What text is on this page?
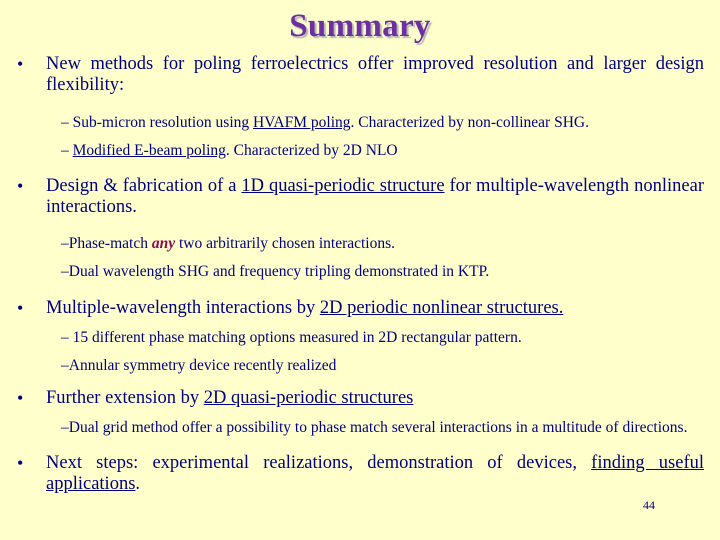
Summary
• New methods for poling ferroelectrics offer improved resolution and larger design flexibility:
– Sub-micron resolution using HVAFM poling. Characterized by non-collinear SHG.
– Modified E-beam poling. Characterized by 2D NLO
• Design & fabrication of a 1D quasi-periodic structure for multiple-wavelength nonlinear interactions.
–Phase-match any two arbitrarily chosen interactions.
–Dual wavelength SHG and frequency tripling demonstrated in KTP.
• Multiple-wavelength interactions by 2D periodic nonlinear structures.
– 15 different phase matching options measured in 2D rectangular pattern.
–Annular symmetry device recently realized
• Further extension by 2D quasi-periodic structures
–Dual grid method offer a possibility to phase match several interactions in a multitude of directions.
• Next steps: experimental realizations, demonstration of devices, finding useful applications.
44
